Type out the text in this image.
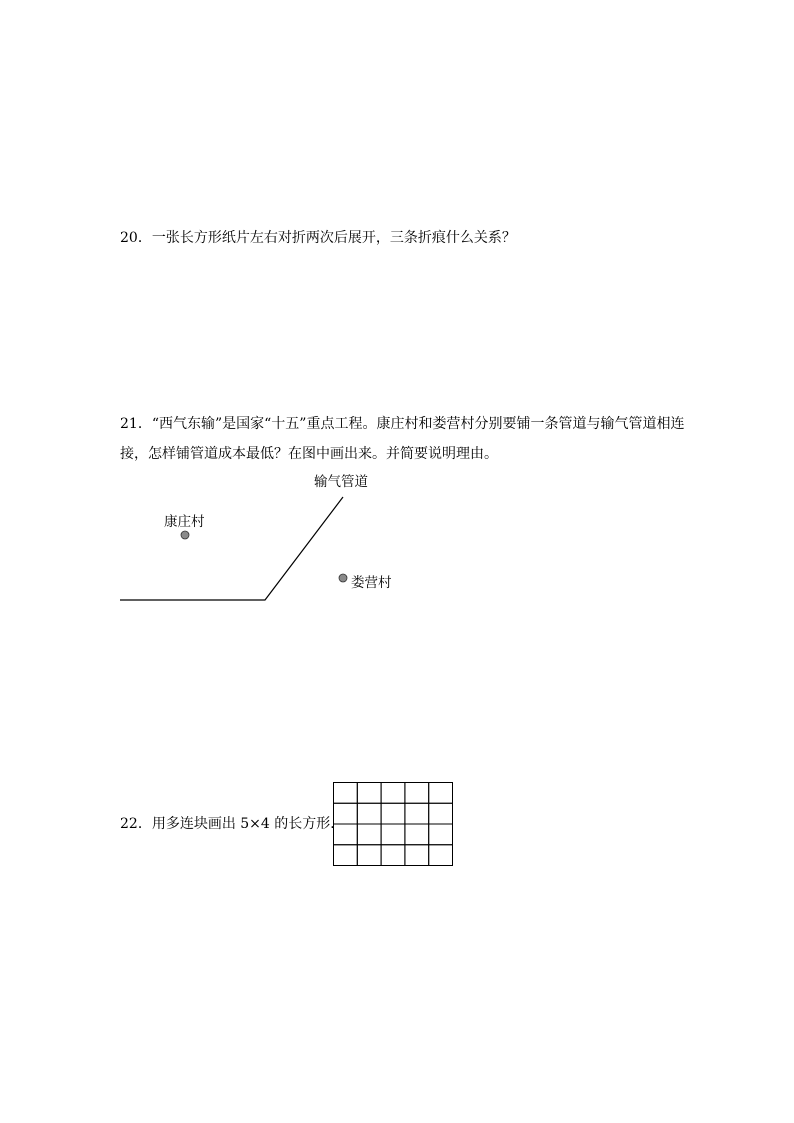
20．一张长方形纸片左右对折两次后展开，三条折痕什么关系？
21．“西气东输”是国家“十五”重点工程。康庄村和娄营村分别要铺一条管道与输气管道相连
接，怎样铺管道成本最低？在图中画出来。并简要说明理由。
输气管道
康庄村
娄营村
22．用多连块画出 5×4 的长方形．
